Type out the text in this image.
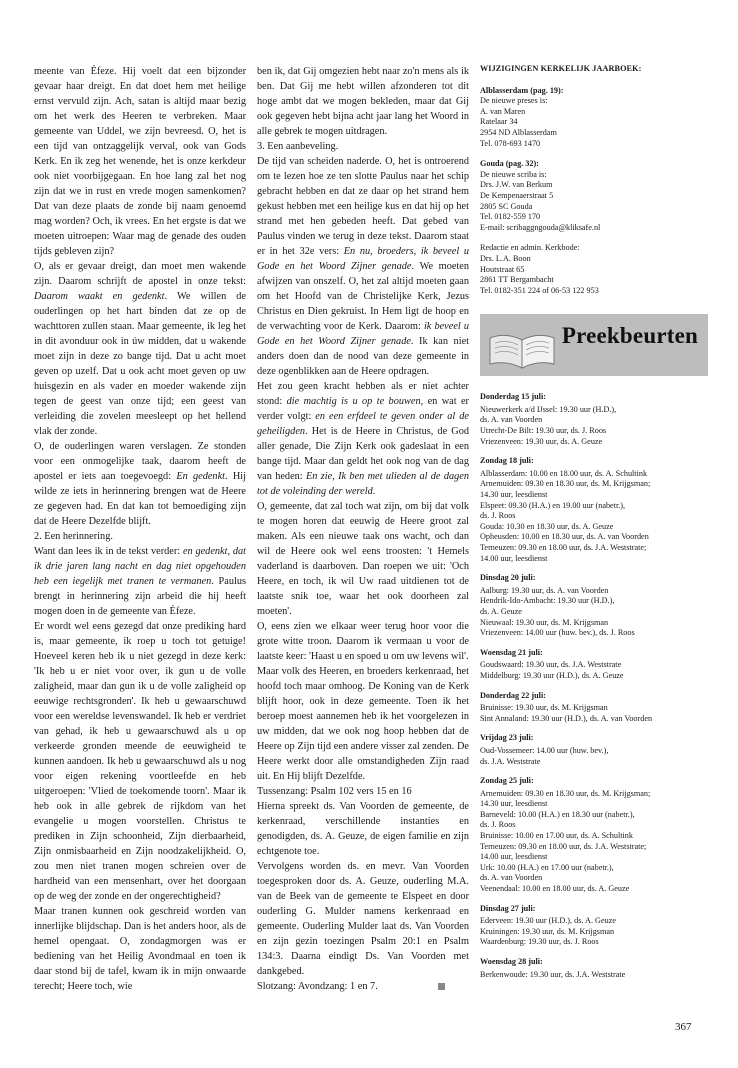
meente van Éfeze. Hij voelt dat een bijzonder gevaar haar dreigt. En dat doet hem met heilige ernst vervuld zijn. Ach, satan is altijd maar bezig om het werk des Heeren te verbreken. Maar gemeente van Uddel, we zijn bevreesd. O, het is een tijd van ontzaggelijk verval, ook van Gods Kerk. En ik zeg het wenende, het is onze kerkdeur ook niet voorbijgegaan. En hoe lang zal het nog zijn dat we in rust en vrede mogen samenkomen? Dat van deze plaats de zonde bij naam genoemd mag worden? Och, ik vrees. En het ergste is dat we moeten uitroepen: Waar mag de genade des ouden tijds gebleven zijn?

O, als er gevaar dreigt, dan moet men wakende zijn. Daarom schrijft de apostel in onze tekst: Daarom waakt en gedenkt. We willen de ouderlingen op het hart binden dat ze op de wachttoren zullen staan. Maar gemeente, ik leg het in dit avonduur ook in úw midden, dat u wakende moet zijn in deze zo bange tijd. Dat u acht moet geven op uzelf. Dat u ook acht moet geven op uw huisgezin en als vader en moeder wakende zijn tegen de geest van onze tijd; een geest van verleiding die zovelen meesleept op het hellend vlak der zonde.

O, de ouderlingen waren verslagen. Ze stonden voor een onmogelijke taak, daarom heeft de apostel er iets aan toegevoegd: En gedenkt. Hij wilde ze iets in herinnering brengen wat de Heere ze gegeven had. En dat kan tot bemoediging zijn dat de Heere Dezelfde blijft.

2. Een herinnering.

Want dan lees ik in de tekst verder: en gedenkt, dat ik drie jaren lang nacht en dag niet opgehouden heb een iegelijk met tranen te vermanen. Paulus brengt in herinnering zijn arbeid die hij heeft mogen doen in de gemeente van Éfeze.

Er wordt wel eens gezegd dat onze prediking hard is, maar gemeente, ik roep u toch tot getuige! Hoeveel keren heb ik u niet gezegd in deze kerk: 'Ik heb u er niet voor over, ik gun u de volle zaligheid, maar dan gun ik u de volle zaligheid op eeuwige rechtsgronden'. Ik heb u gewaarschuwd voor een wereldse levenswandel. Ik heb er verdriet van gehad, ik heb u gewaarschuwd als u op verkeerde gronden meende de eeuwigheid te kunnen aandoen. Ik heb u gewaarschuwd als u nog voor eigen rekening voortleefde en heb uitgeroepen: 'Vlied de toekomende toorn'. Maar ik heb ook in alle gebrek de rijkdom van het evangelie u mogen voorstellen. Christus te prediken in Zijn schoonheid, Zijn dierbaarheid, Zijn onmisbaarheid en Zijn noodzakelijkheid. O, zou men niet tranen mogen schreien over de hardheid van een mensenhart, over het doorgaan op de weg der zonde en der ongerechtigheid?

Maar tranen kunnen ook geschreid worden van innerlijke blijdschap. Dan is het anders hoor, als de hemel opengaat. O, zondagmorgen was er bediening van het Heilig Avondmaal en toen ik daar stond bij de tafel, kwam ik in mijn onwaarde terecht; Heere toch, wie

ben ik, dat Gij omgezien hebt naar zo'n mens als ik ben. Dat Gij me hebt willen afzonderen tot dit hoge ambt dat we mogen bekleden, maar dat Gij ook gegeven hebt bijna acht jaar lang het Woord in alle gebrek te mogen uitdragen.

3. Een aanbeveling.

De tijd van scheiden naderde. O, het is ontroerend om te lezen hoe ze ten slotte Paulus naar het schip gebracht hebben en dat ze daar op het strand hem gekust hebben met een heilige kus en dat hij op het strand met hen gebeden heeft. Dat gebed van Paulus vinden we terug in deze tekst. Daarom staat er in het 32e vers: En nu, broeders, ik beveel u Gode en het Woord Zijner genade. We moeten afwijzen van onszelf. O, het zal altijd moeten gaan om het Hoofd van de Christelijke Kerk, Jezus Christus en Dien gekruist. In Hem ligt de hoop en de verwachting voor de Kerk. Daarom: ik beveel u Gode en het Woord Zijner genade. Ik kan niet anders doen dan de nood van deze gemeente in deze ogenblikken aan de Heere opdragen.

Het zou geen kracht hebben als er niet achter stond: die machtig is u op te bouwen, en wat er verder volgt: en een erfdeel te geven onder al de geheiligden. Het is de Heere in Christus, de God aller genade, Die Zijn Kerk ook gadeslaat in een bange tijd. Maar dan geldt het ook nog van de dag van heden: En zie, Ik ben met ulieden al de dagen tot de voleinding der wereld.

O, gemeente, dat zal toch wat zijn, om bij dat volk te mogen horen dat eeuwig de Heere groot zal maken. Als een nieuwe taak ons wacht, och dan wil de Heere ook wel eens troosten: 't Hemels vaderland is daarboven. Dan roepen we uit: 'Och Heere, en toch, ik wil Uw raad uitdienen tot de laatste snik toe, waar het ook doorheen zal moeten'.

O, eens zien we elkaar weer terug hoor voor die grote witte troon. Daarom ik vermaan u voor de laatste keer: 'Haast u en spoed u om uw levens wil'.

Maar volk des Heeren, en broeders kerkenraad, het hoofd toch maar omhoog. De Koning van de Kerk blijft hoor, ook in deze gemeente. Toen ik het beroep moest aannemen heb ik het voorgelezen in uw midden, dat we ook nog hoop hebben dat de Heere op Zijn tijd een andere visser zal zenden. De Heere werkt door alle omstandigheden Zijn raad uit. En Hij blijft Dezelfde.

Tussenzang: Psalm 102 vers 15 en 16

Hierna spreekt ds. Van Voorden de gemeente, de kerkenraad, verschillende instanties en genodigden, ds. A. Geuze, de eigen familie en zijn echtgenote toe.

Vervolgens worden ds. en mevr. Van Voorden toegesproken door ds. A. Geuze, ouderling M.A. van de Beek van de gemeente te Elspeet en door ouderling G. Mulder namens kerkenraad en gemeente. Ouderling Mulder laat ds. Van Voorden en zijn gezin toezingen Psalm 20:1 en Psalm 134:3. Daarna eindigt Ds. Van Voorden met dankgebed.

Slotzang: Avondzang: 1 en 7.

WIJZIGINGEN KERKELIJK JAARBOEK:
Alblasserdam (pag. 19):
De nieuwe preses is:
A. van Maren
Ratelaar 34
2954 ND Alblasserdam
Tel. 078-693 1470
Gouda (pag. 32):
De nieuwe scriba is:
Drs. J.W. van Berkum
De Kempenaerstraat 5
2805 SC Gouda
Tel. 0182-559 170
E-mail: scribaggngouda@kliksafe.nl
Redactie en admin. Kerkbode:
Drs. L.A. Boon
Houtstraat 65
2861 TT Bergambacht
Tel. 0182-351 224 of 06-53 122 953
Preekbeurten
Donderdag 15 juli:
Nieuwerkerk a/d IJssel: 19.30 uur (H.D.),
ds. A. van Voorden
Utrecht-De Bilt: 19.30 uur, ds. J. Roos
Vriezenveen: 19.30 uur, ds. A. Geuze
Zondag 18 juli:
Alblasserdam: 10.00 en 18.00 uur, ds. A. Schultink
Arnemuiden: 09.30 en 18.30 uur, ds. M. Krijgsman;
14.30 uur, leesdienst
Elspeet: 09.30 (H.A.) en 19.00 uur (nabetr.),
ds. J. Roos
Gouda: 10.30 en 18.30 uur, ds. A. Geuze
Opheusden: 10.00 en 18.30 uur, ds. A. van Voorden
Terneuzen: 09.30 en 18.00 uur, ds. J.A. Weststrate;
14.00 uur, leesdienst
Dinsdag 20 juli:
Aalburg: 19.30 uur, ds. A. van Voorden
Hendrik-Ido-Ambacht: 19.30 uur (H.D.),
ds. A. Geuze
Nieuwaal: 19.30 uur, ds. M. Krijgsman
Vriezenveen: 14.00 uur (huw. bev.), ds. J. Roos
Woensdag 21 juli:
Goudswaard: 19.30 uur, ds. J.A. Weststrate
Middelburg: 19.30 uur (H.D.), ds. A. Geuze
Donderdag 22 juli:
Bruinisse: 19.30 uur, ds. M. Krijgsman
Sint Annaland: 19.30 uur (H.D.), ds. A. van Voorden
Vrijdag 23 juli:
Oud-Vossemeer: 14.00 uur (huw. bev.),
ds. J.A. Weststrate
Zondag 25 juli:
Arnemuiden: 09.30 en 18.30 uur, ds. M. Krijgsman;
14.30 uur, leesdienst
Barneveld: 10.00 (H.A.) en 18.30 uur (nabetr.),
ds. J. Roos
Bruinisse: 10.00 en 17.00 uur, ds. A. Schultink
Terneuzen: 09.30 en 18.00 uur, ds. J.A. Weststrate;
14.00 uur, leesdienst
Urk: 10.00 (H.A.) en 17.00 uur (nabetr.),
ds. A. van Voorden
Veenendaal: 10.00 en 18.00 uur, ds. A. Geuze
Dinsdag 27 juli:
Ederveen: 19.30 uur (H.D.), ds. A. Geuze
Kruiningen: 19.30 uur, ds. M. Krijgsman
Waardenburg: 19.30 uur, ds. J. Roos
Woensdag 28 juli:
Berkenwoude: 19.30 uur, ds. J.A. Weststrate
367
